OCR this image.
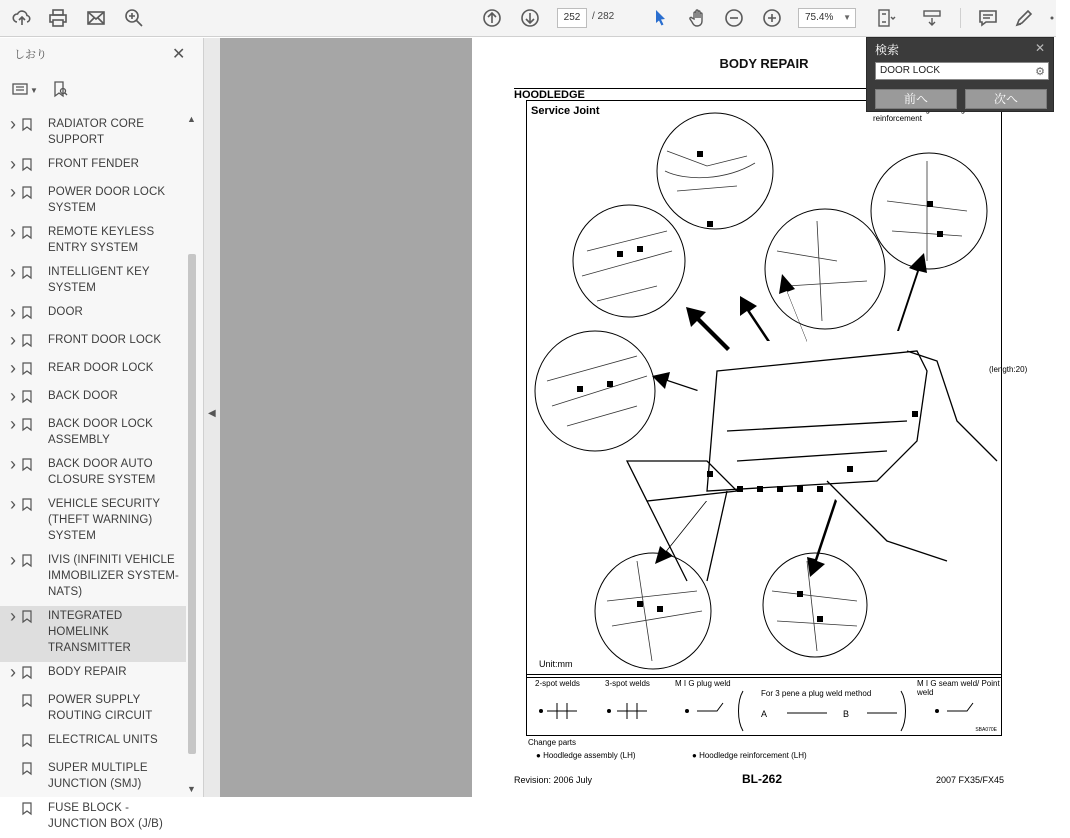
252	/ 282	75.4% ▼
しおり	✕
▼
›	RADIATOR CORE SUPPORT
›	FRONT FENDER
›	POWER DOOR LOCK SYSTEM
›	REMOTE KEYLESS ENTRY SYSTEM
›	INTELLIGENT KEY SYSTEM
›	DOOR
›	FRONT DOOR LOCK
›	REAR DOOR LOCK
›	BACK DOOR
›	BACK DOOR LOCK ASSEMBLY
›	BACK DOOR AUTO CLOSURE SYSTEM
›	VEHICLE SECURITY (THEFT WARNING) SYSTEM
›	IVIS (INFINITI VEHICLE IMMOBILIZER SYSTEM-NATS)
›	INTEGRATED HOMELINK TRANSMITTER
›	BODY REPAIR
POWER SUPPLY ROUTING CIRCUIT
ELECTRICAL UNITS
SUPER MULTIPLE JUNCTION (SMJ)
FUSE BLOCK - JUNCTION BOX (J/B)
▲
▼
◀
BODY REPAIR
HOODLEDGE
Service Joint
reinforcement
Unit:mm
(length:20)
2-spot welds	3-spot welds	M I G plug weld
For 3 pene a plug weld method
M I G seam weld/ Point weld
A	B
SBA070E
Change parts
● Hoodledge assembly (LH)	● Hoodledge reinforcement (LH)
Revision: 2006 July	BL-262	2007 FX35/FX45
検索	✕
DOOR LOCK	⚙
前へ	次へ
